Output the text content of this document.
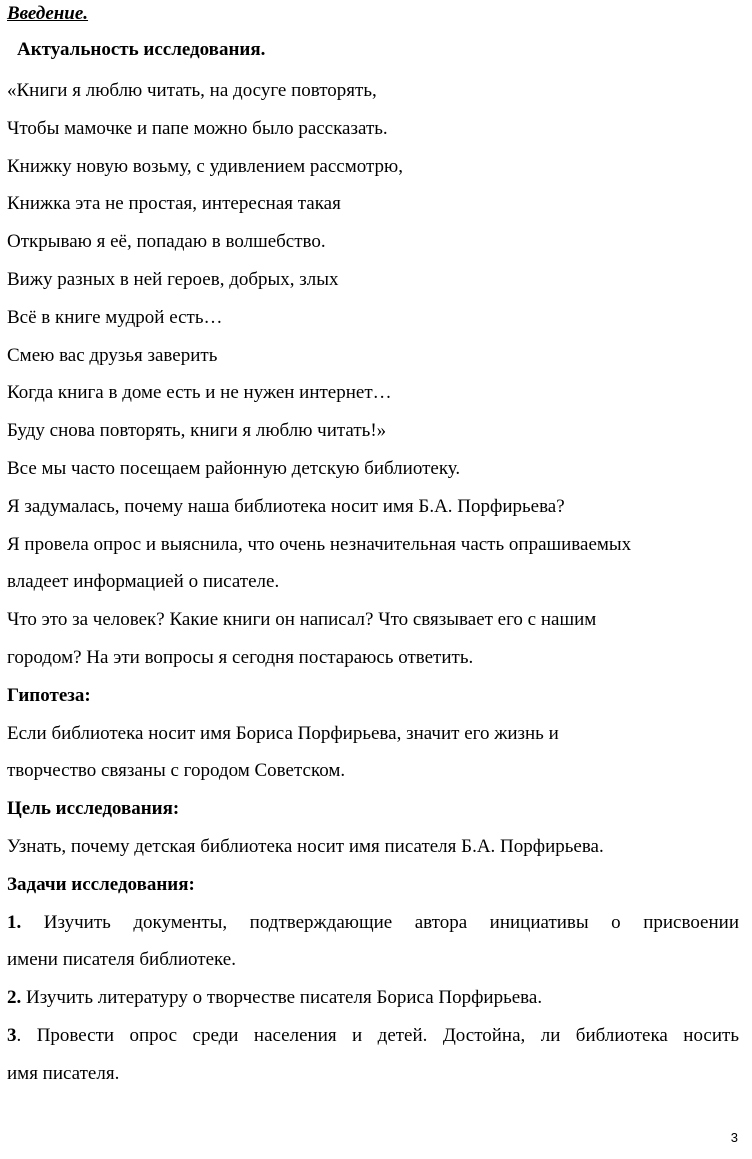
Введение.
Актуальность исследования.
«Книги я люблю читать, на досуге повторять,
Чтобы мамочке и папе можно было рассказать.
Книжку новую возьму, с удивлением рассмотрю,
Книжка эта не простая, интересная такая
Открываю я её, попадаю в волшебство.
Вижу разных в ней героев, добрых, злых
Всё в книге мудрой есть…
Смею вас друзья заверить
Когда книга в доме есть и не нужен интернет…
Буду снова повторять, книги я люблю читать!»
Все мы часто посещаем районную детскую библиотеку.
Я задумалась, почему наша библиотека носит имя Б.А. Порфирьева?
Я провела опрос и выяснила, что очень незначительная часть опрашиваемых
владеет информацией о писателе.
Что это за человек? Какие книги он написал? Что связывает его с нашим
городом? На эти вопросы я сегодня постараюсь ответить.
Гипотеза:
Если библиотека носит имя Бориса Порфирьева, значит его жизнь и
творчество связаны с городом Советском.
Цель исследования:
Узнать, почему детская библиотека носит имя писателя Б.А. Порфирьева.
Задачи исследования:
1. Изучить документы, подтверждающие автора инициативы о присвоении
имени писателя библиотеке.
2. Изучить литературу о творчестве писателя Бориса Порфирьева.
3. Провести опрос среди населения и детей. Достойна, ли библиотека носить
имя писателя.
3
